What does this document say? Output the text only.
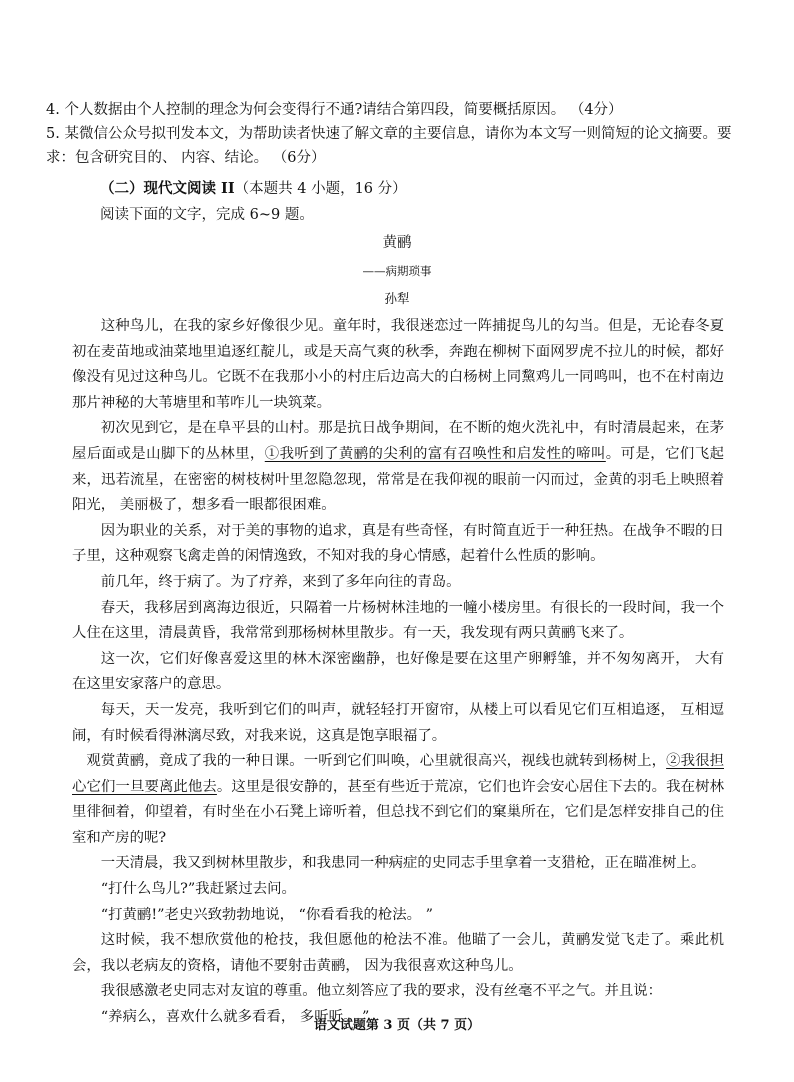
4. 个人数据由个人控制的理念为何会变得行不通?请结合第四段，简要概括原因。 （4分）

5. 某微信公众号拟刊发本文，为帮助读者快速了解文章的主要信息，请你为本文写一则简短的论文摘要。要求：包含研究目的、 内容、结论。 （6分）

（二）现代文阅读 II（本题共 4 小题，16 分）

阅读下面的文字，完成 6~9 题。

黄鹂

——病期琐事

孙犁

这种鸟儿，在我的家乡好像很少见。童年时，我很迷恋过一阵捕捉鸟儿的勾当。但是，无论春冬夏初在麦苗地或油菜地里追逐红靛儿，或是天高气爽的秋季，奔跑在柳树下面网罗虎不拉儿的时候，都好像没有见过这种鸟儿。它既不在我那小小的村庄后边高大的白杨树上同黧鸡儿一同鸣叫，也不在村南边那片神秘的大苇塘里和苇咋儿一块筑菜。

初次见到它，是在阜平县的山村。那是抗日战争期间，在不断的炮火洗礼中，有时清晨起来，在茅屋后面或是山脚下的丛林里，①我听到了黄鹂的尖利的富有召唤性和启发性的啼叫。可是，它们飞起来，迅若流星，在密密的树枝树叶里忽隐忽现，常常是在我仰视的眼前一闪而过，金黄的羽毛上映照着阳光， 美丽极了，想多看一眼都很困难。

因为职业的关系，对于美的事物的追求，真是有些奇怪，有时简直近于一种狂热。在战争不暇的日子里，这种观察飞禽走兽的闲情逸致，不知对我的身心情感，起着什么性质的影响。

前几年，终于病了。为了疗养，来到了多年向往的青岛。

春天，我移居到离海边很近，只隔着一片杨树林洼地的一幢小楼房里。有很长的一段时间，我一个人住在这里，清晨黄昏，我常常到那杨树林里散步。有一天，我发现有两只黄鹂飞来了。

这一次，它们好像喜爱这里的林木深密幽静，也好像是要在这里产卵孵雏，并不匆匆离开， 大有在这里安家落户的意思。

每天，天一发亮，我听到它们的叫声，就轻轻打开窗帘，从楼上可以看见它们互相追逐， 互相逗闹，有时候看得淋漓尽致，对我来说，这真是饱享眼福了。

观赏黄鹂，竟成了我的一种日课。一听到它们叫唤，心里就很高兴，视线也就转到杨树上，②我很担心它们一旦要离此他去。这里是很安静的，甚至有些近于荒凉，它们也许会安心居住下去的。我在树林里徘徊着，仰望着，有时坐在小石凳上谛听着，但总找不到它们的窠巢所在，它们是怎样安排自己的住室和产房的呢?

一天清晨，我又到树林里散步，和我患同一种病症的史同志手里拿着一支猎枪，正在瞄准树上。

“打什么鸟儿?”我赶紧过去问。

“打黄鹂!”老史兴致勃勃地说， “你看看我的枪法。 ”

这时候，我不想欣赏他的枪技，我但愿他的枪法不准。他瞄了一会儿，黄鹂发觉飞走了。乘此机会，我以老病友的资格，请他不要射击黄鹂， 因为我很喜欢这种鸟儿。

我很感激老史同志对友谊的尊重。他立刻答应了我的要求，没有丝毫不平之气。并且说：

“养病么，喜欢什么就多看看， 多听听。 ”

语文试题第 3 页（共 7 页）
